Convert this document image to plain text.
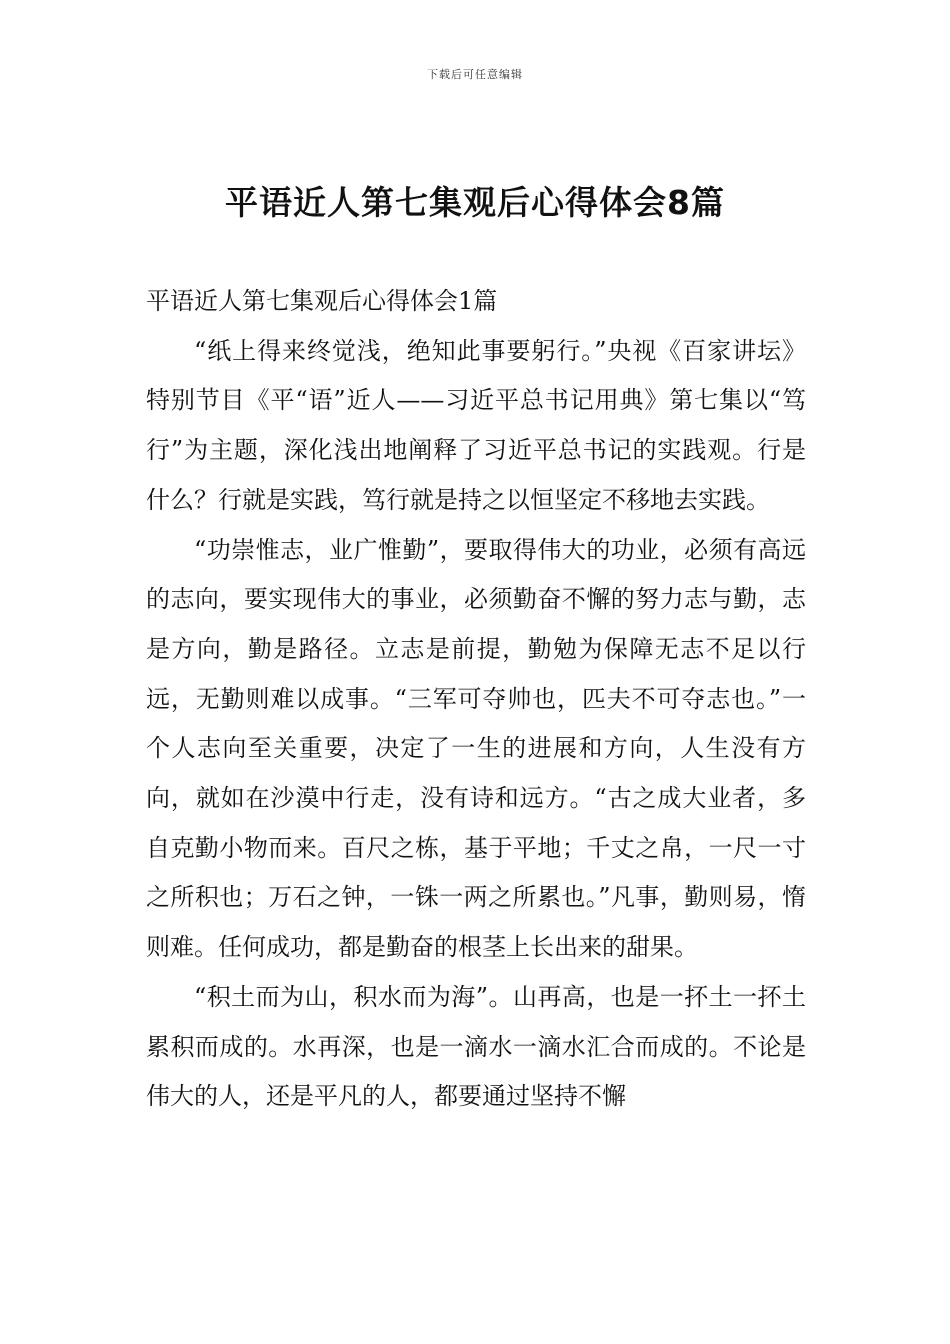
下载后可任意编辑
平语近人第七集观后心得体会8篇
平语近人第七集观后心得体会1篇

“纸上得来终觉浅，绝知此事要躬行。”央视《百家讲坛》特别节目《平“语”近人——习近平总书记用典》第七集以“笃行”为主题，深化浅出地阐释了习近平总书记的实践观。行是什么？行就是实践，笃行就是持之以恒坚定不移地去实践。

“功崇惟志，业广惟勤”，要取得伟大的功业，必须有高远的志向，要实现伟大的事业，必须勤奋不懈的努力志与勤，志是方向，勤是路径。立志是前提，勤勉为保障无志不足以行远，无勤则难以成事。“三军可夺帅也，匹夫不可夺志也。”一个人志向至关重要，决定了一生的进展和方向，人生没有方向，就如在沙漠中行走，没有诗和远方。“古之成大业者，多自克勤小物而来。百尺之栋，基于平地；千丈之帛，一尺一寸之所积也；万石之钟，一铢一两之所累也。”凡事，勤则易，惰则难。任何成功，都是勤奋的根茎上长出来的甜果。

“积土而为山，积水而为海”。山再高，也是一抔土一抔土累积而成的。水再深，也是一滴水一滴水汇合而成的。不论是伟大的人，还是平凡的人，都要通过坚持不懈
